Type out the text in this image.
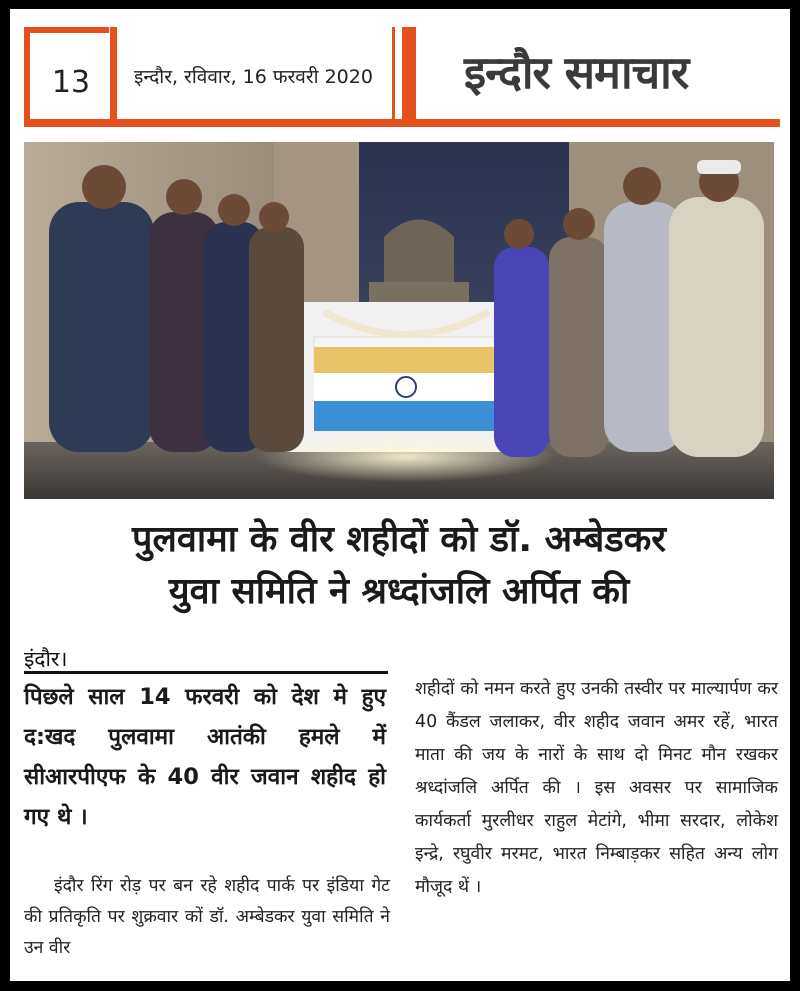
13	इन्दौर, रविवार, 16 फरवरी 2020 इन्दौर समाचार
पुलवामा के वीर शहीदों को डॉ. अम्बेडकर
युवा समिति ने श्रध्दांजलि अर्पित की
इंदौर।
पिछले साल 14 फरवरी को देश मे हुए द:खद पुलवामा आतंकी हमले में सीआरपीएफ के 40 वीर जवान शहीद हो गए थे ।
इंदौर रिंग रोड़ पर बन रहे शहीद पार्क पर इंडिया गेट की प्रतिकृति पर शुक्रवार कों डॉ. अम्बेडकर युवा समिति ने उन वीर
शहीदों को नमन करते हुए उनकी तस्वीर पर माल्यार्पण कर 40 कैंडल जलाकर, वीर शहीद जवान अमर रहें, भारत माता की जय के नारों के साथ दो मिनट मौन रखकर श्रध्दांजलि अर्पित की । इस अवसर पर सामाजिक कार्यकर्ता मुरलीधर राहुल मेटांगे, भीमा सरदार, लोकेश इन्द्रे, रघुवीर मरमट, भारत निम्बाड़कर सहित अन्य लोग मौजूद थें ।
